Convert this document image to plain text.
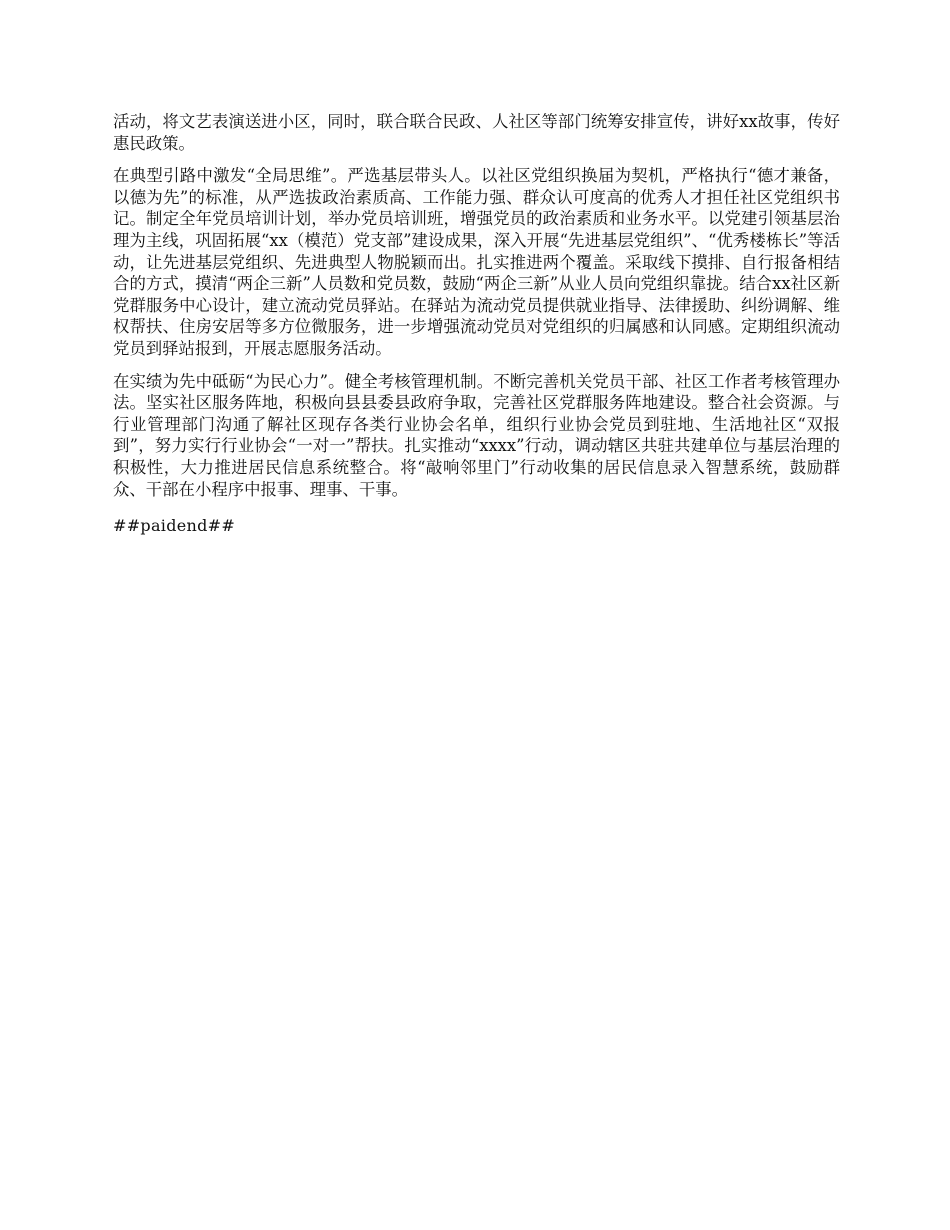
活动，将文艺表演送进小区，同时，联合联合民政、人社区等部门统筹安排宣传，讲好xx故事，传好惠民政策。

在典型引路中激发“全局思维”。严选基层带头人。以社区党组织换届为契机，严格执行“德才兼备，以德为先”的标准，从严选拔政治素质高、工作能力强、群众认可度高的优秀人才担任社区党组织书记。制定全年党员培训计划，举办党员培训班，增强党员的政治素质和业务水平。以党建引领基层治理为主线，巩固拓展“xx（模范）党支部”建设成果，深入开展“先进基层党组织”、“优秀楼栋长”等活动，让先进基层党组织、先进典型人物脱颖而出。扎实推进两个覆盖。采取线下摸排、自行报备相结合的方式，摸清“两企三新”人员数和党员数，鼓励“两企三新”从业人员向党组织靠拢。结合xx社区新党群服务中心设计，建立流动党员驿站。在驿站为流动党员提供就业指导、法律援助、纠纷调解、维权帮扶、住房安居等多方位微服务，进一步增强流动党员对党组织的归属感和认同感。定期组织流动党员到驿站报到，开展志愿服务活动。

在实绩为先中砥砺“为民心力”。健全考核管理机制。不断完善机关党员干部、社区工作者考核管理办法。坚实社区服务阵地，积极向县县委县政府争取，完善社区党群服务阵地建设。整合社会资源。与行业管理部门沟通了解社区现存各类行业协会名单，组织行业协会党员到驻地、生活地社区“双报到”，努力实行行业协会“一对一”帮扶。扎实推动“xxxx”行动，调动辖区共驻共建单位与基层治理的积极性，大力推进居民信息系统整合。将“敲响邻里门”行动收集的居民信息录入智慧系统，鼓励群众、干部在小程序中报事、理事、干事。

##paidend##
